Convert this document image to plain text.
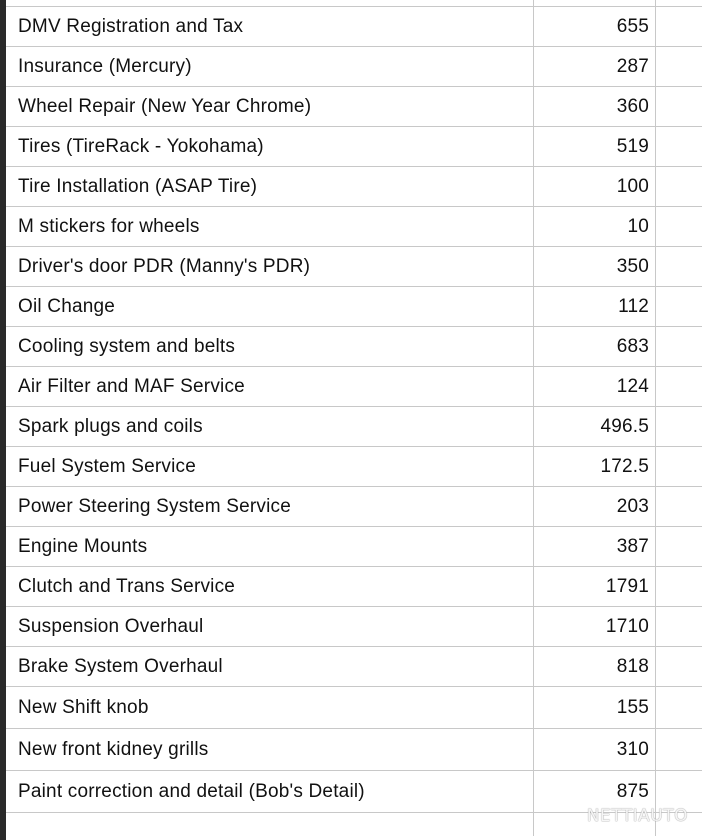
DMV Registration and Tax	655
Insurance (Mercury)	287
Wheel Repair (New Year Chrome)	360
Tires (TireRack - Yokohama)	519
Tire Installation (ASAP Tire)	100
M stickers for wheels	10
Driver's door PDR (Manny's PDR)	350
Oil Change	112
Cooling system and belts	683
Air Filter and MAF Service	124
Spark plugs and coils	496.5
Fuel System Service	172.5
Power Steering System Service	203
Engine Mounts	387
Clutch and Trans Service	1791
Suspension Overhaul	1710
Brake System Overhaul	818
New Shift knob	155
New front kidney grills	310
Paint correction and detail (Bob's Detail)	875
NETTIAUTO
